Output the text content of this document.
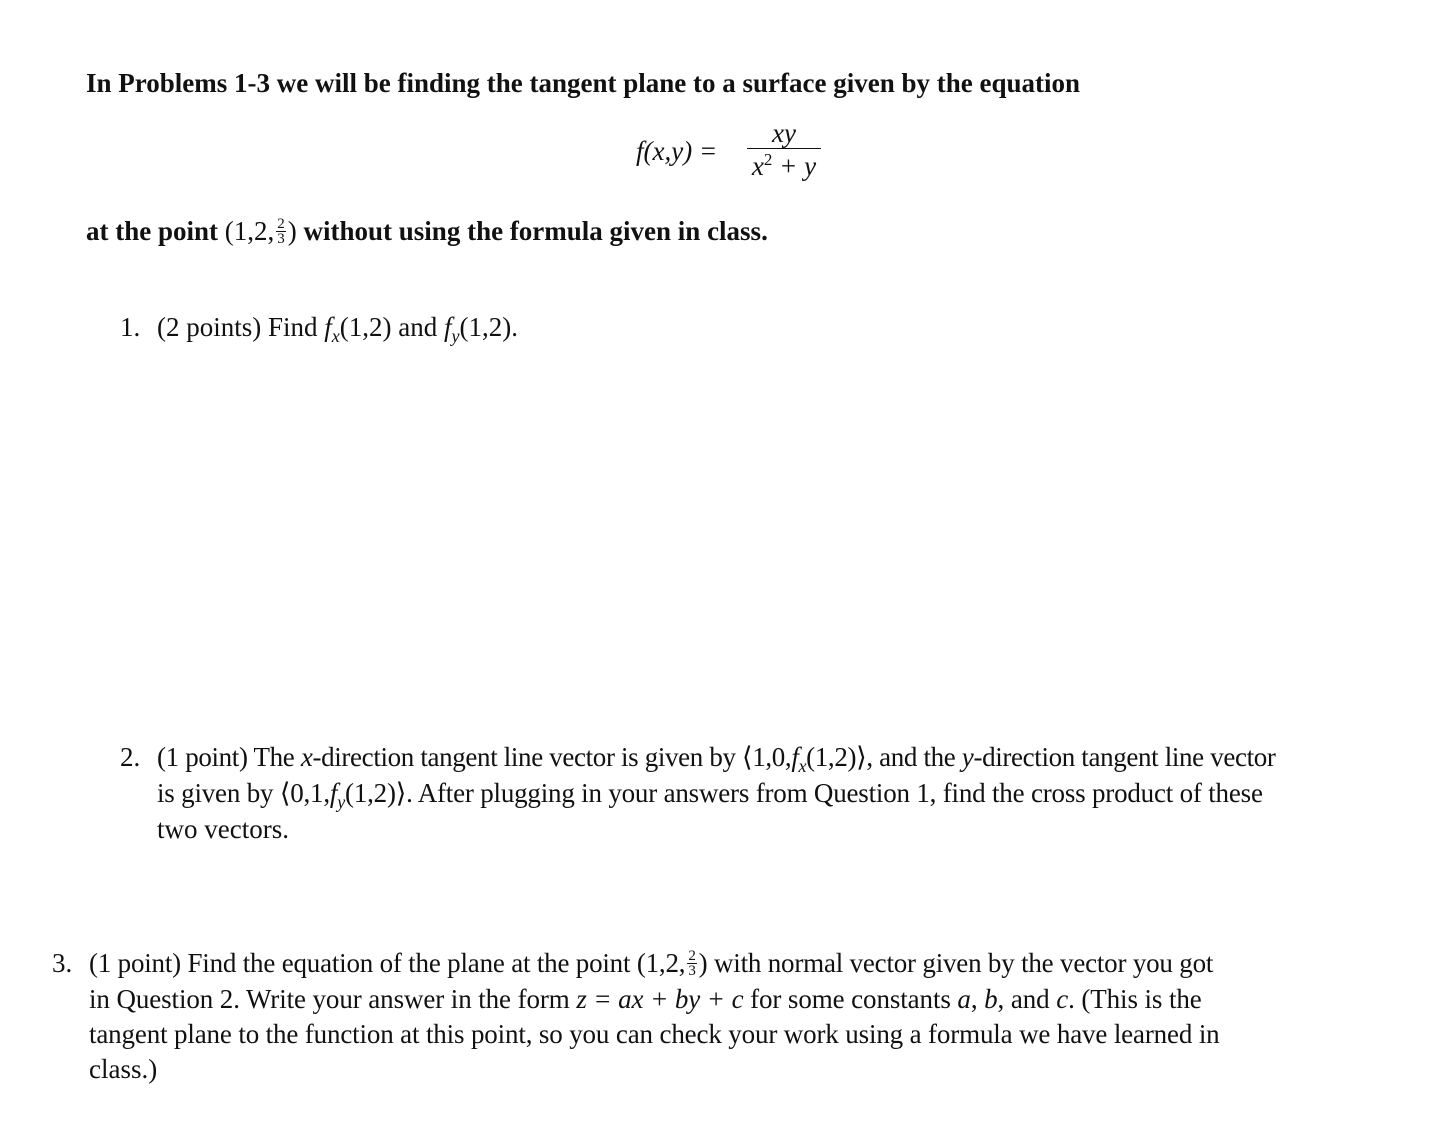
In Problems 1-3 we will be finding the tangent plane to a surface given by the equation
$f(x,y) = \frac{xy}{x^2 + y}$
at the point (1,2, $\frac{2}{3}$ ) without using the formula given in class.
1. (2 points) Find $f_x(1,2)$ and $f_y(1,2)$.
2. (1 point) The x-direction tangent line vector is given by $⟨1,0,f_x(1,2)⟩$, and the y-direction tangent line vector
is given by $⟨0,1,f_y(1,2)⟩$. After plugging in your answers from Question 1, find the cross product of these
two vectors.
3. (1 point) Find the equation of the plane at the point (1,2, $\frac{2}{3}$ ) with normal vector given by the vector you got
in Question 2. Write your answer in the form z = ax + by + c for some constants a, b, and c. (This is the
tangent plane to the function at this point, so you can check your work using a formula we have learned in
class.)
